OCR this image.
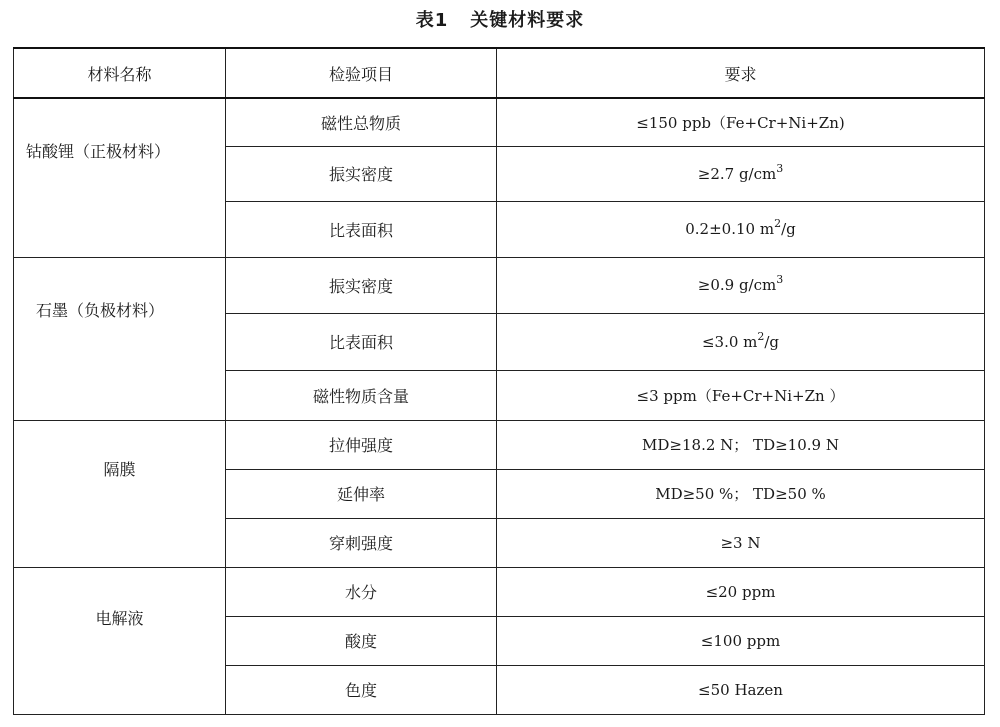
表1 关键材料要求
材料名称	检验项目	要求
钴酸锂（正极材料）	磁性总物质	≤150 ppb（Fe+Cr+Ni+Zn)
	振实密度	≥2.7 $g/cm^3$
	比表面积	0.2±0.10 $m^2/g$
石墨（负极材料）	振实密度	≥0.9 $g/cm^3$
	比表面积	≤3.0 $m^2/g$
	磁性物质含量	≤3 ppm（Fe+Cr+Ni+Zn ）
隔膜	拉伸强度	MD≥18.2 N； TD≥10.9 N
	延伸率	MD≥50 %； TD≥50 %
	穿刺强度	≥3 N
电解液	水分	≤20 ppm
	酸度	≤100 ppm
	色度	≤50 Hazen
